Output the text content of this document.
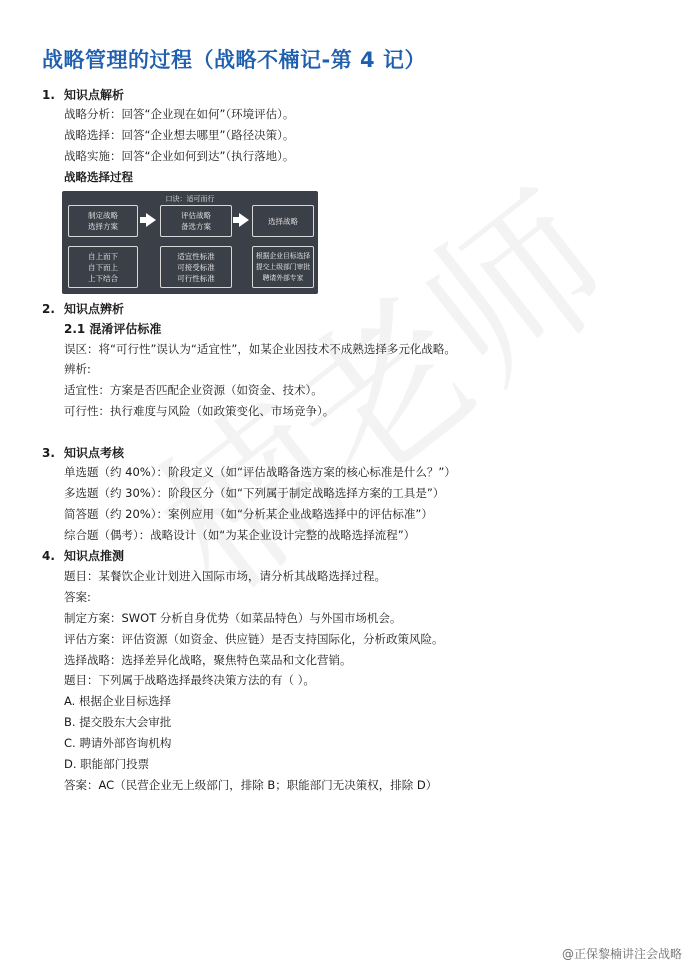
战略管理的过程（战略不楠记-第 4 记）
1. 知识点解析
战略分析：回答“企业现在如何”（环境评估）。
战略选择：回答“企业想去哪里”（路径决策）。
战略实施：回答“企业如何到达”（执行落地）。
战略选择过程
口诀：适可而行
制定战略
选择方案
评估战略
备选方案
选择战略
自上而下
自下而上
上下结合
适宜性标准
可接受标准
可行性标准
根据企业目标选择
提交上级部门审批
聘请外部专家
2. 知识点辨析
2.1 混淆评估标准
误区：将“可行性”误认为“适宜性”，如某企业因技术不成熟选择多元化战略。
辨析:
适宜性：方案是否匹配企业资源（如资金、技术）。
可行性：执行难度与风险（如政策变化、市场竞争）。
3. 知识点考核
单选题（约 40%）：阶段定义（如“评估战略备选方案的核心标准是什么？”）
多选题（约 30%）：阶段区分（如“下列属于制定战略选择方案的工具是”）
简答题（约 20%）：案例应用（如“分析某企业战略选择中的评估标准”）
综合题（偶考）：战略设计（如“为某企业设计完整的战略选择流程”）
4. 知识点推测
题目：某餐饮企业计划进入国际市场，请分析其战略选择过程。
答案:
制定方案：SWOT 分析自身优势（如菜品特色）与外国市场机会。
评估方案：评估资源（如资金、供应链）是否支持国际化，分析政策风险。
选择战略：选择差异化战略，聚焦特色菜品和文化营销。
题目：下列属于战略选择最终决策方法的有（ ）。
A. 根据企业目标选择
B. 提交股东大会审批
C. 聘请外部咨询机构
D. 职能部门投票
答案：AC（民营企业无上级部门，排除 B；职能部门无决策权，排除 D）
@正保黎楠讲注会战略
